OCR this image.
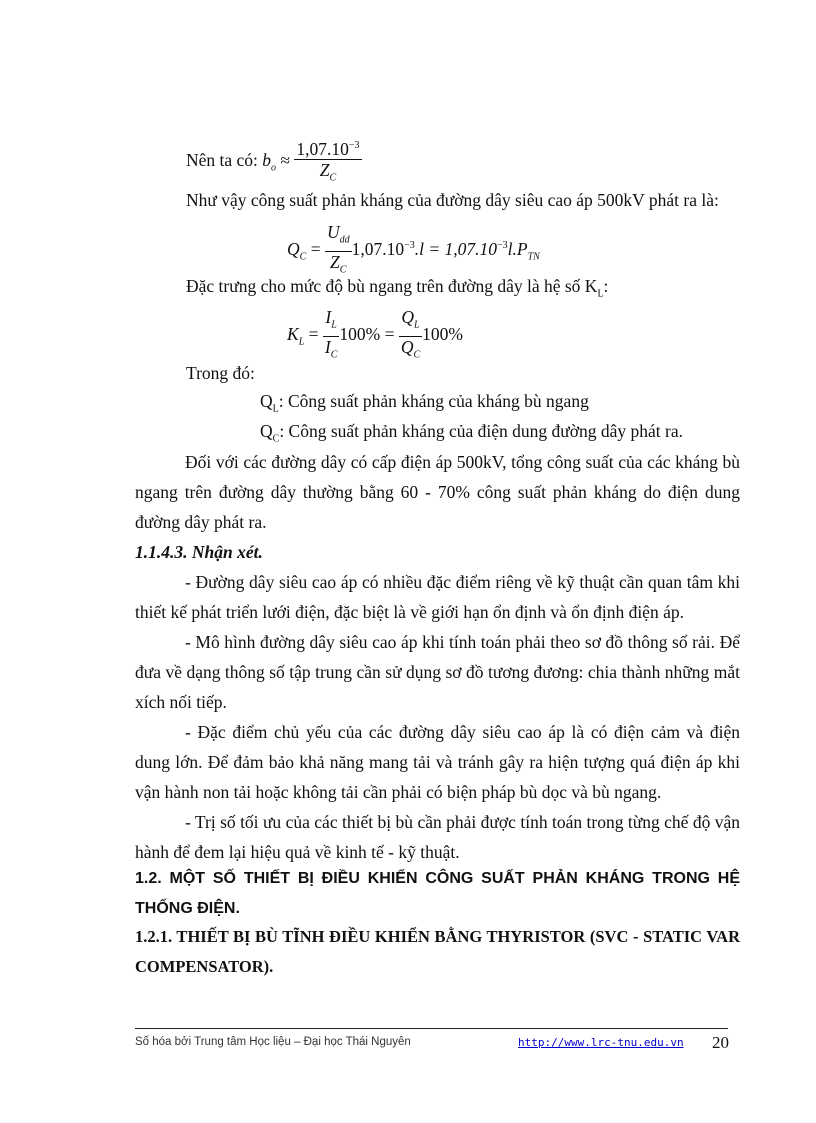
Nên ta có: $b_o \approx \frac{1,07.10^{-3}}{Z_C}$
Như vậy công suất phản kháng của đường dây siêu cao áp 500kV phát ra là:
$Q_C = \frac{U_{dd}}{Z_C} 1,07.10^{-3}.l = 1,07.10^{-3}l.P_{TN}$
Đặc trưng cho mức độ bù ngang trên đường dây là hệ số $K_L$:
$K_L = \frac{I_L}{I_C} 100\% = \frac{Q_L}{Q_C} 100\%$
Trong đó:
$Q_L$: Công suất phản kháng của kháng bù ngang
$Q_C$: Công suất phản kháng của điện dung đường dây phát ra.
Đối với các đường dây có cấp điện áp 500kV, tổng công suất của các kháng bù ngang trên đường dây thường bằng 60 - 70% công suất phản kháng do điện dung đường dây phát ra.
1.1.4.3. Nhận xét.
- Đường dây siêu cao áp có nhiều đặc điểm riêng về kỹ thuật cần quan tâm khi thiết kế phát triển lưới điện, đặc biệt là về giới hạn ổn định và ổn định điện áp.
- Mô hình đường dây siêu cao áp khi tính toán phải theo sơ đồ thông số rải. Để đưa về dạng thông số tập trung cần sử dụng sơ đồ tương đương: chia thành những mắt xích nối tiếp.
- Đặc điểm chủ yếu của các đường dây siêu cao áp là có điện cảm và điện dung lớn. Để đảm bảo khả năng mang tải và tránh gây ra hiện tượng quá điện áp khi vận hành non tải hoặc không tải cần phải có biện pháp bù dọc và bù ngang.
- Trị số tối ưu của các thiết bị bù cần phải được tính toán trong từng chế độ vận hành để đem lại hiệu quả về kinh tế - kỹ thuật.
1.2. MỘT SỐ THIẾT BỊ ĐIỀU KHIỂN CÔNG SUẤT PHẢN KHÁNG TRONG HỆ THỐNG ĐIỆN.
1.2.1. THIẾT BỊ BÙ TĨNH ĐIỀU KHIỂN BẰNG THYRISTOR (SVC - STATIC VAR COMPENSATOR).
Số hóa bởi Trung tâm Học liệu – Đại học Thái Nguyên	http://www.lrc-tnu.edu.vn 20
